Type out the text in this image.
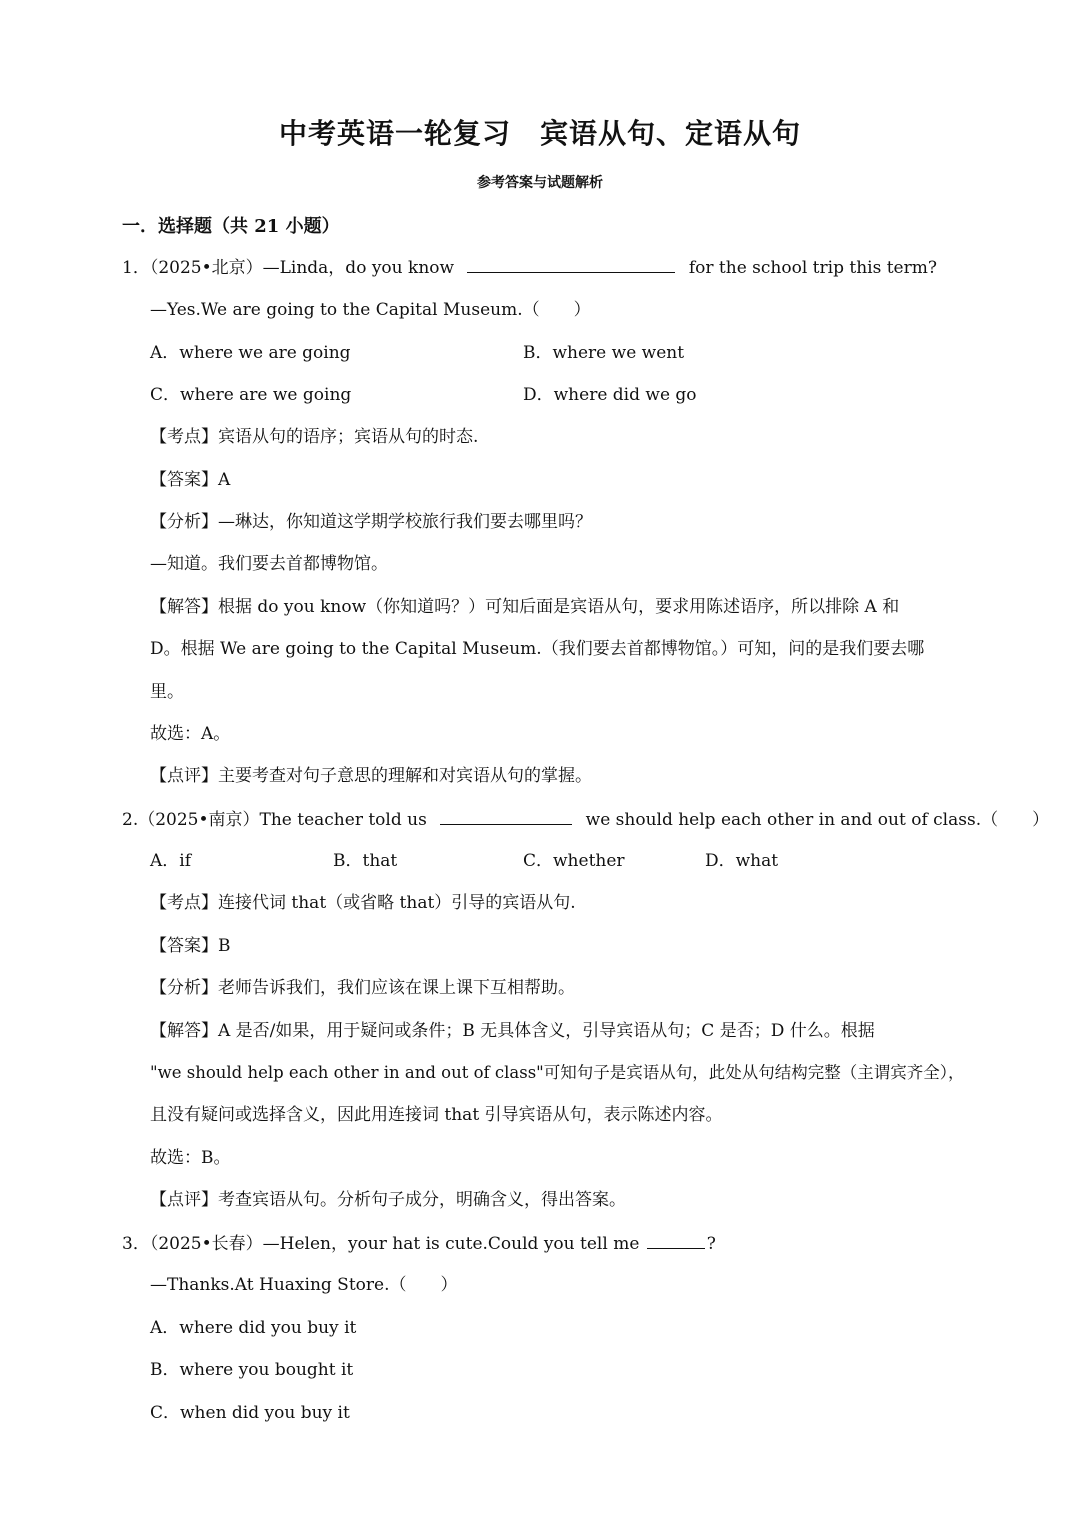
中考英语一轮复习　宾语从句、定语从句
参考答案与试题解析
一．选择题（共 21 小题）
1．（2025•北京）—Linda，do you know	for the school trip this term?
—Yes.We are going to the Capital Museum.（　　）
A．where we are going	B．where we went
C．where are we going	D．where did we go
【考点】宾语从句的语序；宾语从句的时态.
【答案】A
【分析】—琳达，你知道这学期学校旅行我们要去哪里吗？
—知道。我们要去首都博物馆。
【解答】根据 do you know（你知道吗？）可知后面是宾语从句，要求用陈述语序，所以排除 A 和
D。根据 We are going to the Capital Museum.（我们要去首都博物馆。）可知，问的是我们要去哪
里。
故选：A。
【点评】主要考查对句子意思的理解和对宾语从句的掌握。
2.（2025•南京）The teacher told us	we should help each other in and out of class.（　　）
A．if	B．that	C．whether	D．what
【考点】连接代词 that（或省略 that）引导的宾语从句.
【答案】B
【分析】老师告诉我们，我们应该在课上课下互相帮助。
【解答】A 是否/如果，用于疑问或条件；B 无具体含义，引导宾语从句；C 是否；D 什么。根据
"we should help each other in and out of class"可知句子是宾语从句，此处从句结构完整（主谓宾齐全），
且没有疑问或选择含义，因此用连接词 that 引导宾语从句，表示陈述内容。
故选：B。
【点评】考查宾语从句。分析句子成分，明确含义，得出答案。
3．（2025•长春）—Helen，your hat is cute.Could you tell me	?
—Thanks.At Huaxing Store.（　　）
A．where did you buy it
B．where you bought it
C．when did you buy it
